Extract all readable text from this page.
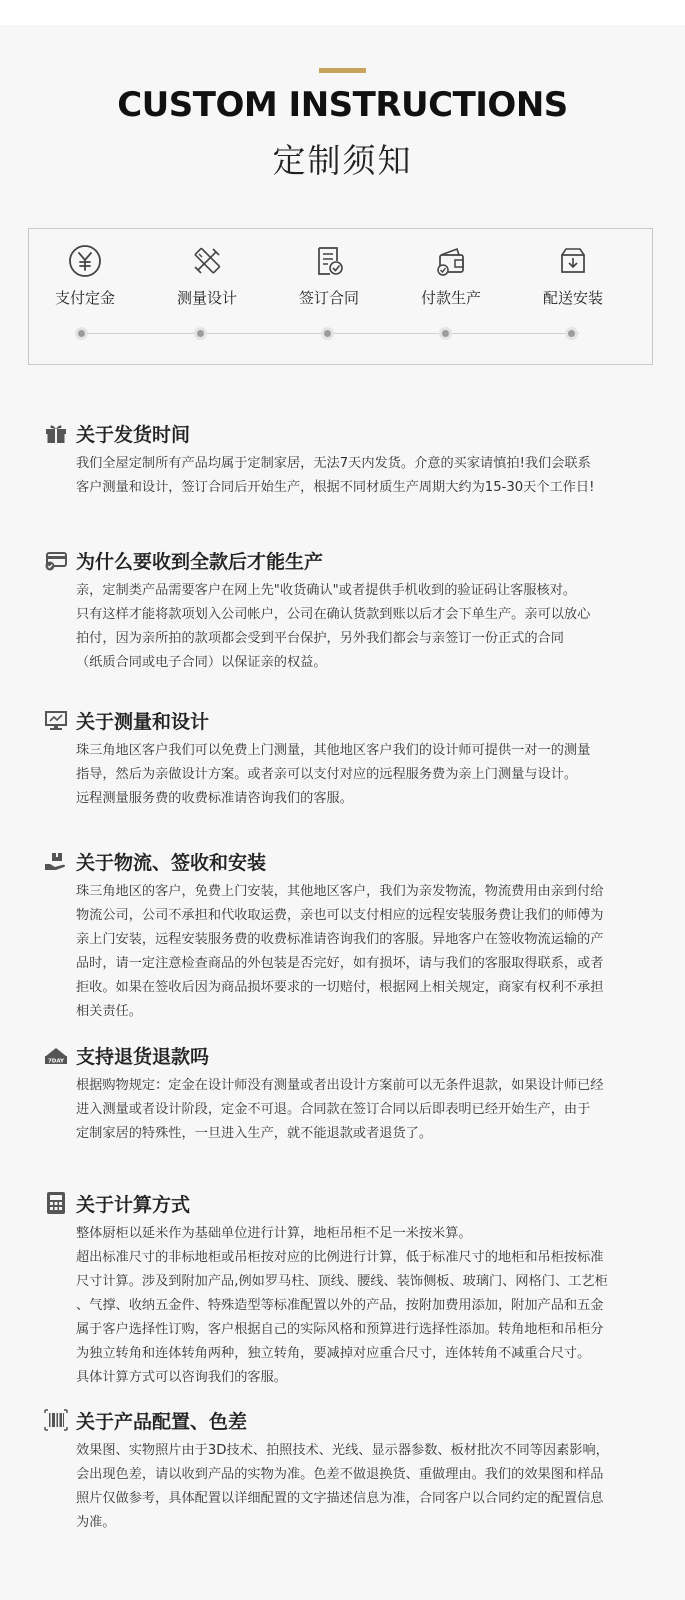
CUSTOM INSTRUCTIONS
定制须知
支付定金	测量设计	签订合同	付款生产	配送安装
关于发货时间

我们全屋定制所有产品均属于定制家居，无法7天内发货。介意的买家请慎拍!我们会联系

客户测量和设计，签订合同后开始生产，根据不同材质生产周期大约为15-30天个工作日!

为什么要收到全款后才能生产

亲，定制类产品需要客户在网上先"收货确认"或者提供手机收到的验证码让客服核对。

只有这样才能将款项划入公司帐户，公司在确认货款到账以后才会下单生产。亲可以放心

拍付，因为亲所拍的款项都会受到平台保护，另外我们都会与亲签订一份正式的合同

（纸质合同或电子合同）以保证亲的权益。

关于测量和设计

珠三角地区客户我们可以免费上门测量，其他地区客户我们的设计师可提供一对一的测量

指导，然后为亲做设计方案。或者亲可以支付对应的远程服务费为亲上门测量与设计。

远程测量服务费的收费标准请咨询我们的客服。

关于物流、签收和安装

珠三角地区的客户，免费上门安装，其他地区客户，我们为亲发物流，物流费用由亲到付给

物流公司，公司不承担和代收取运费，亲也可以支付相应的远程安装服务费让我们的师傅为

亲上门安装，远程安装服务费的收费标准请咨询我们的客服。异地客户在签收物流运输的产

品时，请一定注意检查商品的外包装是否完好，如有损坏，请与我们的客服取得联系，或者

拒收。如果在签收后因为商品损坏要求的一切赔付，根据网上相关规定，商家有权利不承担

相关责任。

7DAY 支持退货退款吗

根据购物规定：定金在设计师没有测量或者出设计方案前可以无条件退款，如果设计师已经

进入测量或者设计阶段，定金不可退。合同款在签订合同以后即表明已经开始生产，由于

定制家居的特殊性，一旦进入生产，就不能退款或者退货了。

关于计算方式

整体厨柜以延米作为基础单位进行计算，地柜吊柜不足一米按米算。

超出标准尺寸的非标地柜或吊柜按对应的比例进行计算，低于标准尺寸的地柜和吊柜按标准

尺寸计算。涉及到附加产品,例如罗马柱、顶线、腰线、装饰侧板、玻璃门、网格门、工艺柜

、气撑、收纳五金件、特殊造型等标准配置以外的产品，按附加费用添加，附加产品和五金

属于客户选择性订购，客户根据自己的实际风格和预算进行选择性添加。转角地柜和吊柜分

为独立转角和连体转角两种，独立转角，要减掉对应重合尺寸，连体转角不减重合尺寸。

具体计算方式可以咨询我们的客服。

关于产品配置、色差

效果图、实物照片由于3D技术、拍照技术、光线、显示器参数、板材批次不同等因素影响，

会出现色差，请以收到产品的实物为准。色差不做退换货、重做理由。我们的效果图和样品

照片仅做参考，具体配置以详细配置的文字描述信息为准，合同客户以合同约定的配置信息

为准。
